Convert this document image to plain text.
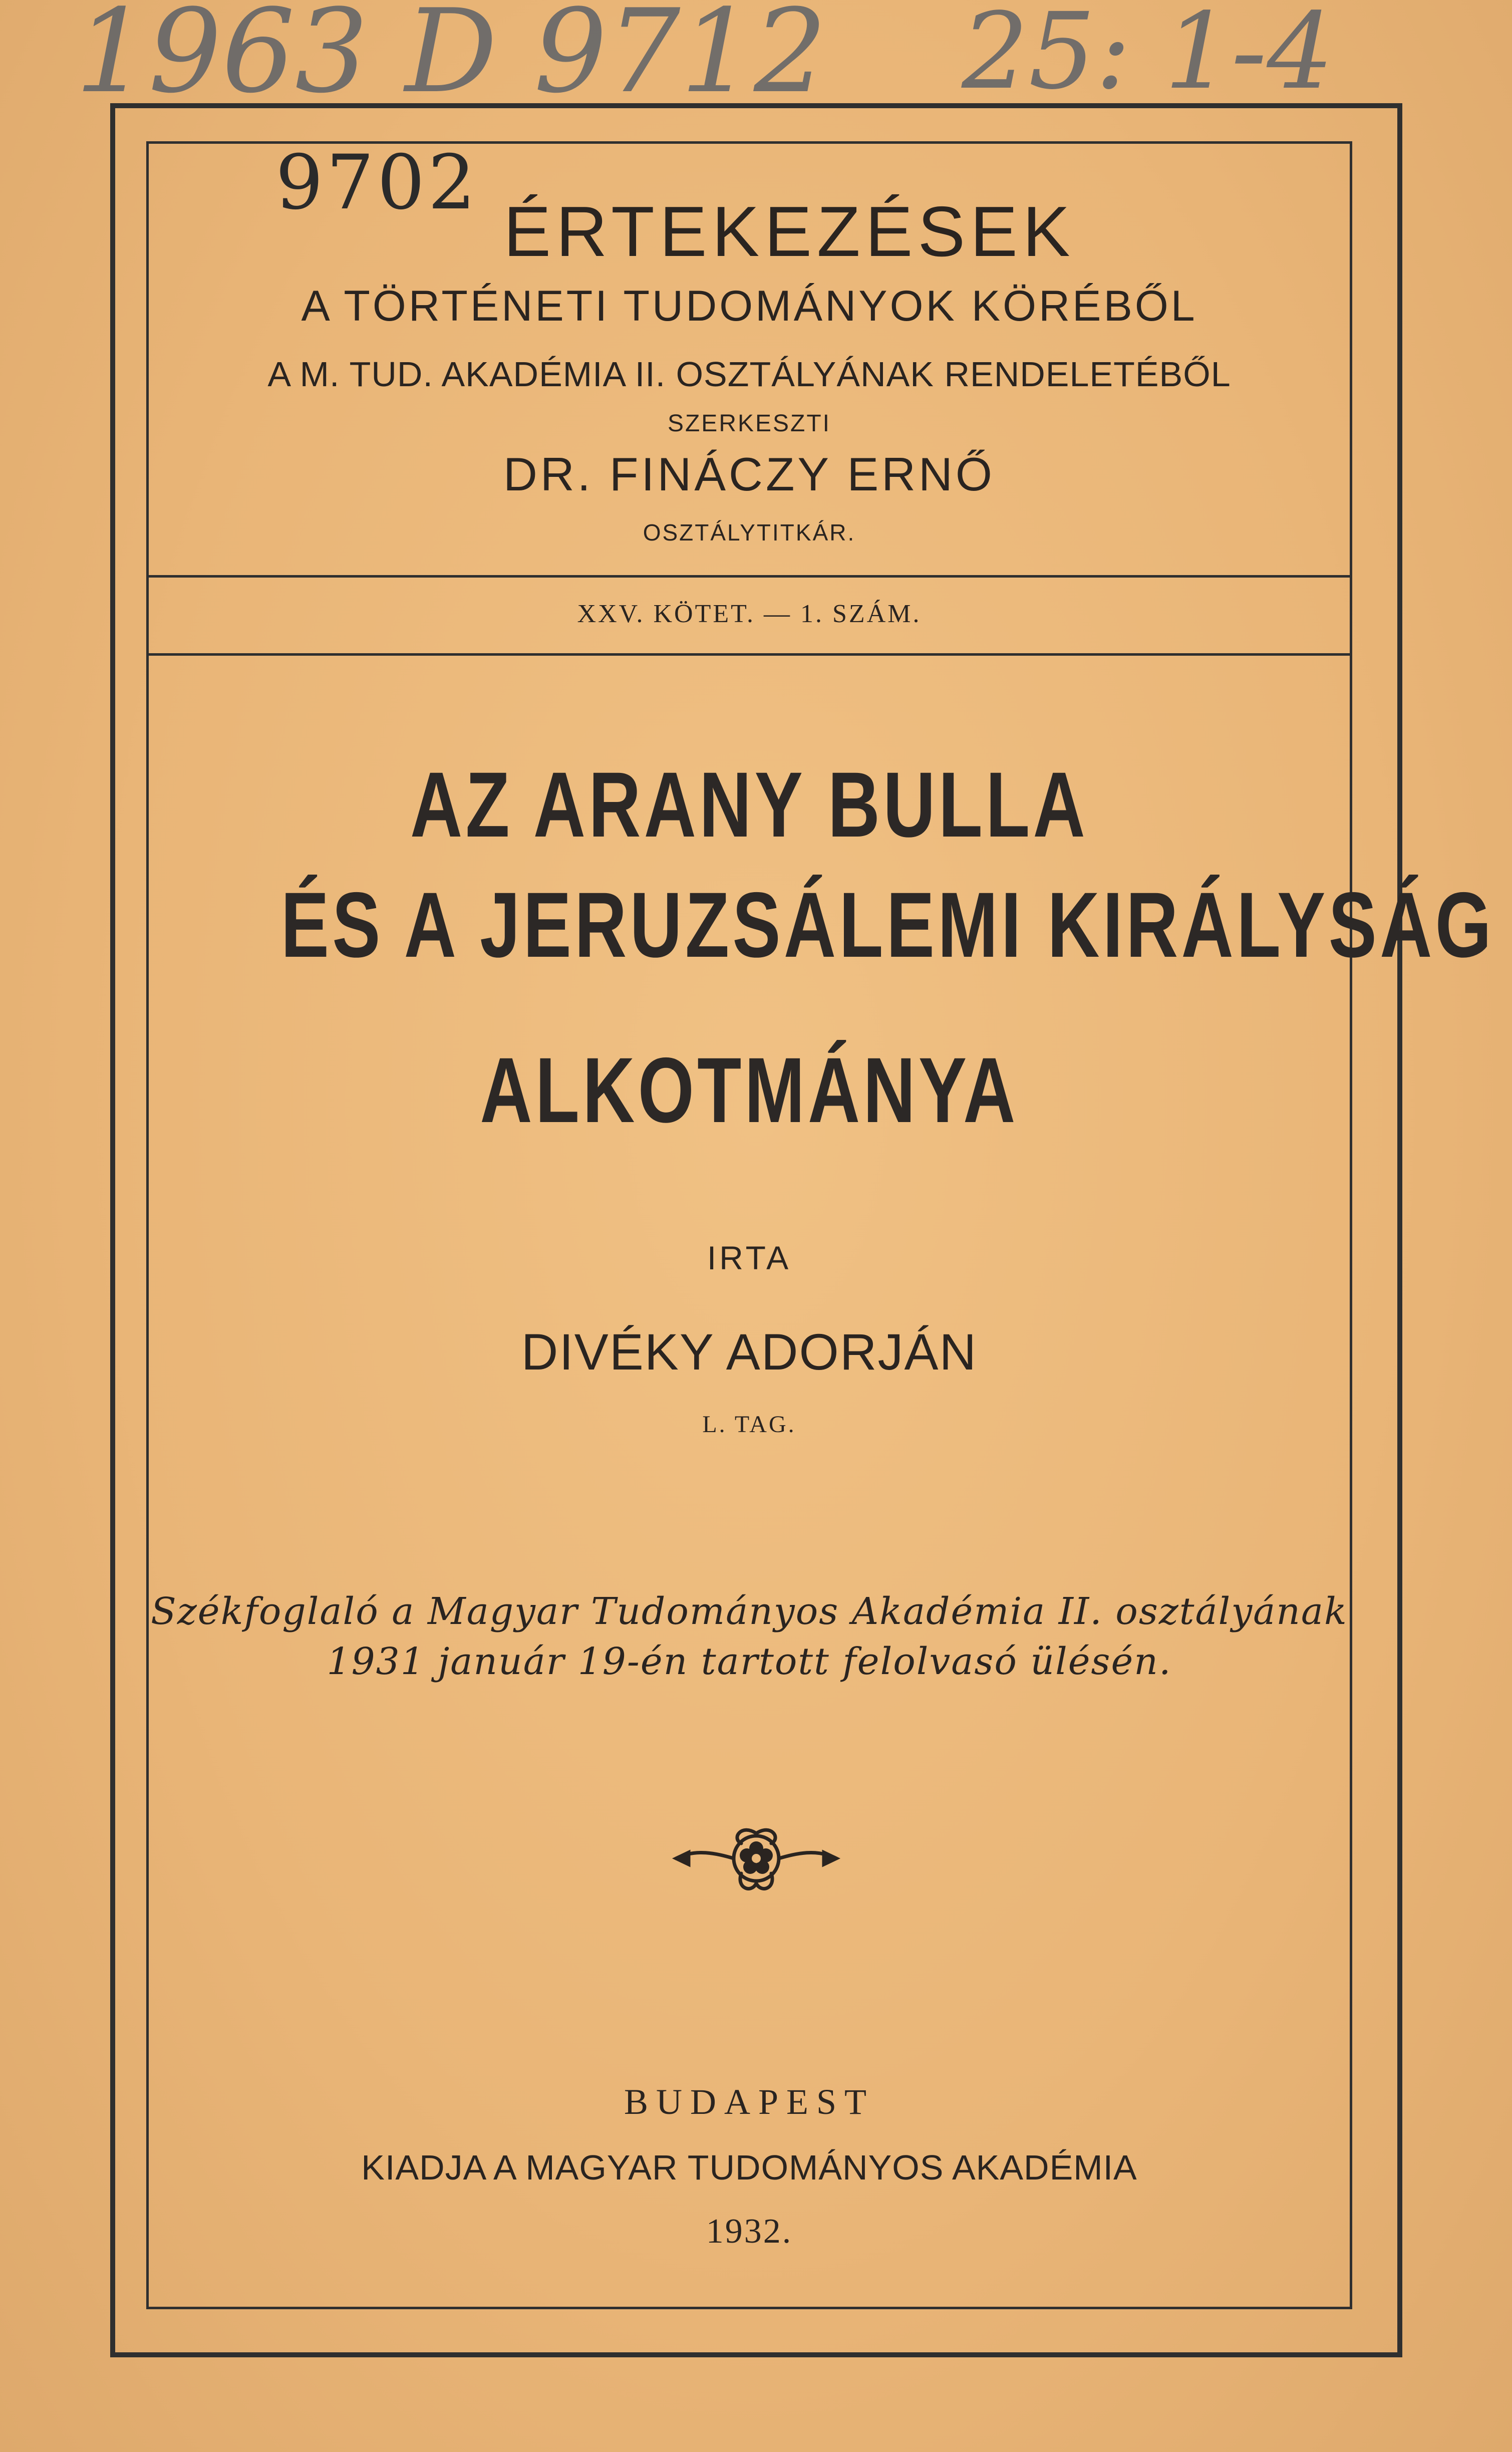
1963 D 9712 25: 1-4
9702
ÉRTEKEZÉSEK
A TÖRTÉNETI TUDOMÁNYOK KÖRÉBŐL
A M. TUD. AKADÉMIA II. OSZTÁLYÁNAK RENDELETÉBŐL
SZERKESZTI
DR. FINÁCZY ERNŐ
OSZTÁLYTITKÁR.
XXV. KÖTET. — 1. SZÁM.
AZ ARANY BULLA
ÉS A JERUZSÁLEMI KIRÁLYSÁG
ALKOTMÁNYA
IRTA
DIVÉKY ADORJÁN
L. TAG.
Székfoglaló a Magyar Tudományos Akadémia II. osztályának
1931 január 19-én tartott felolvasó ülésén.
BUDAPEST
KIADJA A MAGYAR TUDOMÁNYOS AKADÉMIA
1932.
